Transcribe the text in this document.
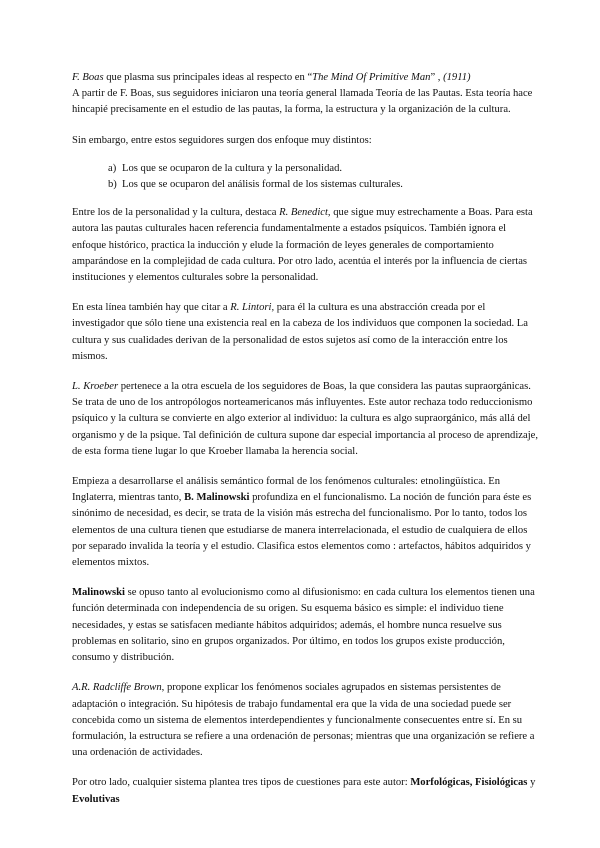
F. Boas que plasma sus principales ideas al respecto en “The Mind Of Primitive Man” , (1911)
A partir de F. Boas, sus seguidores iniciaron una teoría general llamada Teoría de las Pautas. Esta teoría hace hincapié precisamente en el estudio de las pautas, la forma, la estructura y la organización de la cultura.

Sin embargo, entre estos seguidores surgen dos enfoque muy distintos:

a) Los que se ocuparon de la cultura y la personalidad.
b) Los que se ocuparon del análisis formal de los sistemas culturales.

Entre los de la personalidad y la cultura, destaca R. Benedict, que sigue muy estrechamente a Boas. Para esta autora las pautas culturales hacen referencia fundamentalmente a estados psíquicos. También ignora el enfoque histórico, practica la inducción y elude la formación de leyes generales de comportamiento amparándose en la complejidad de cada cultura. Por otro lado, acentúa el interés por la influencia de ciertas instituciones y elementos culturales sobre la personalidad.

En esta línea también hay que citar a R. Lintori, para él la cultura es una abstracción creada por el investigador que sólo tiene una existencia real en la cabeza de los individuos que componen la sociedad. La cultura y sus cualidades derivan de la personalidad de estos sujetos así como de la interacción entre los mismos.

L. Kroeber pertenece a la otra escuela de los seguidores de Boas, la que considera las pautas supraorgánicas. Se trata de uno de los antropólogos norteamericanos más influyentes. Este autor rechaza todo reduccionismo psíquico y la cultura se convierte en algo exterior al individuo: la cultura es algo supraorgánico, más allá del organismo y de la psique. Tal definición de cultura supone dar especial importancia al proceso de aprendizaje, de esta forma tiene lugar lo que Kroeber llamaba la herencia social.

Empieza a desarrollarse el análisis semántico formal de los fenómenos culturales: etnolingüística. En Inglaterra, mientras tanto, B. Malinowski profundiza en el funcionalismo. La noción de función para éste es sinónimo de necesidad, es decir, se trata de la visión más estrecha del funcionalismo. Por lo tanto, todos los elementos de una cultura tienen que estudiarse de manera interrelacionada, el estudio de cualquiera de ellos por separado invalida la teoría y el estudio. Clasifica estos elementos como : artefactos, hábitos adquiridos y elementos mixtos.

Malinowski se opuso tanto al evolucionismo como al difusionismo: en cada cultura los elementos tienen una función determinada con independencia de su origen. Su esquema básico es simple: el individuo tiene necesidades, y estas se satisfacen mediante hábitos adquiridos; además, el hombre nunca resuelve sus problemas en solitario, sino en grupos organizados. Por último, en todos los grupos existe producción, consumo y distribución.

A.R. Radcliffe Brown, propone explicar los fenómenos sociales agrupados en sistemas persistentes de adaptación o integración. Su hipótesis de trabajo fundamental era que la vida de una sociedad puede ser concebida como un sistema de elementos interdependientes y funcionalmente consecuentes entre sí. En su formulación, la estructura se refiere a una ordenación de personas; mientras que una organización se refiere a una ordenación de actividades.

Por otro lado, cualquier sistema plantea tres tipos de cuestiones para este autor: Morfológicas, Fisiológicas y Evolutivas
